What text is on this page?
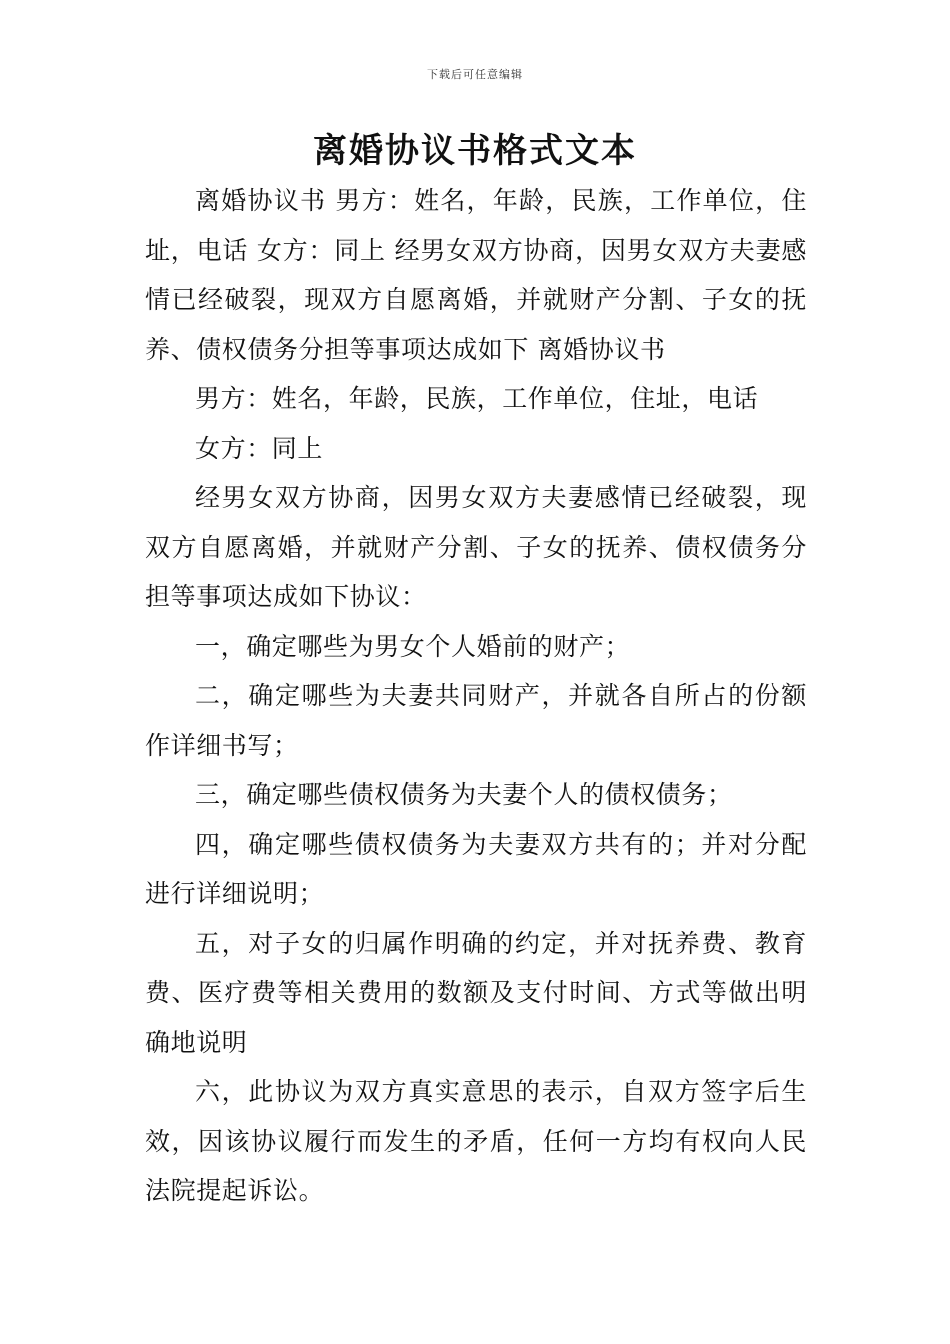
下载后可任意编辑
离婚协议书格式文本

离婚协议书 男方：姓名，年龄，民族，工作单位，住址，电话 女方：同上 经男女双方协商，因男女双方夫妻感情已经破裂，现双方自愿离婚，并就财产分割、子女的抚养、债权债务分担等事项达成如下 离婚协议书

男方：姓名，年龄，民族，工作单位，住址，电话

女方：同上

经男女双方协商，因男女双方夫妻感情已经破裂，现双方自愿离婚，并就财产分割、子女的抚养、债权债务分担等事项达成如下协议：

一，确定哪些为男女个人婚前的财产；

二，确定哪些为夫妻共同财产，并就各自所占的份额作详细书写；

三，确定哪些债权债务为夫妻个人的债权债务；

四，确定哪些债权债务为夫妻双方共有的；并对分配进行详细说明；

五，对子女的归属作明确的约定，并对抚养费、教育费、医疗费等相关费用的数额及支付时间、方式等做出明确地说明

六，此协议为双方真实意思的表示，自双方签字后生效，因该协议履行而发生的矛盾，任何一方均有权向人民法院提起诉讼。
